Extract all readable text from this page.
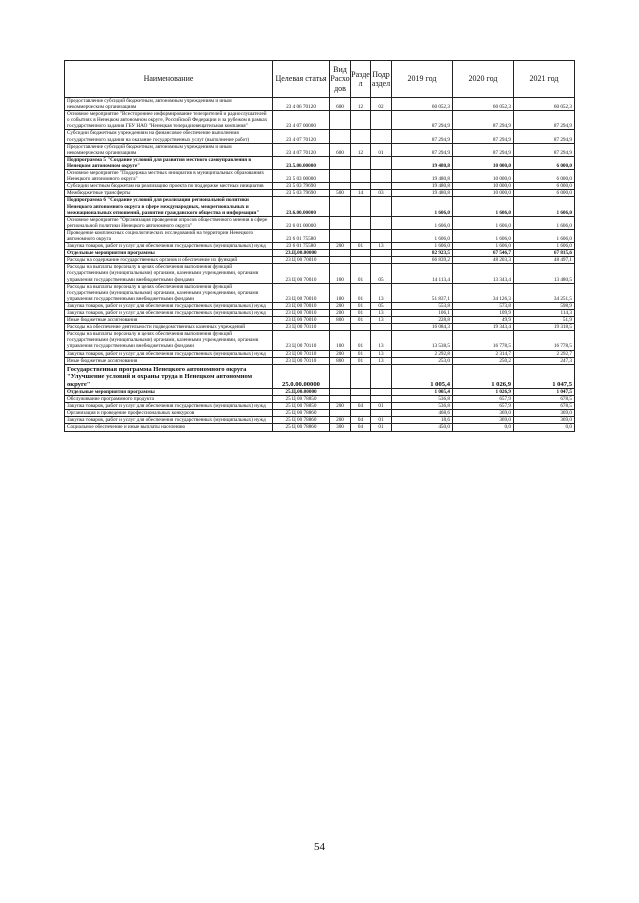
Наименование	Целевая статья	Вид Расхо дов	Разде л	Подр аздел	2019 год	2020 год	2021 год
Предоставление субсидий бюджетным, автономным учреждениям и иным некоммерческим организациям	23 4 06 70120	600	12	02	60 052,3	60 052,3	60 052,3
Основное мероприятие "Всестороннее информирование телезрителей и радиослушателей о событиях в Ненецком автономном округе, Российской Федерации и за рубежом в рамках государственного задания ГБУ НАО "Ненецкая телерадиовещательная компания"	23 4 07 00000				87 294,9	87 294,9	87 294,9
Субсидии бюджетным учреждениям на финансовое обеспечение выполнения государственного задания на оказание государственных услуг (выполнение работ)	23 4 07 70120				87 294,9	87 294,9	87 294,9
Предоставление субсидий бюджетным, автономным учреждениям и иным некоммерческим организациям	23 4 07 70120	600	12	01	87 294,9	87 294,9	87 294,9
Подпрограмма 5 "Создание условий для развития местного самоуправления в Ненецком автономном округе"	23.5.00.00000				19 480,8	10 000,0	6 000,0
Основное мероприятие "Поддержка местных инициатив в муниципальных образованиях Ненецкого автономного округа"	23 5 03 00000				19 480,8	10 000,0	6 000,0
Субсидии местным бюджетам на реализацию проекта по поддержке местных инициатив	23 5 03 79690				19 480,8	10 000,0	6 000,0
Межбюджетные трансферты	23 5 03 79690	500	14	03	19 480,8	10 000,0	6 000,0
Подпрограмма 6 "Создание условий для реализации региональной политики Ненецкого автономного округа в сфере международных, межрегиональных и межнациональных отношений, развития гражданского общества и информации"	23.6.00.00000				1 606,0	1 606,0	1 606,0
Основное мероприятие "Организация проведения опросов общественного мнения в сфере региональной политики Ненецкого автономного округа"	23 6 01 00000				1 606,0	1 606,0	1 606,0
Проведение комплексных социологических исследований на территории Ненецкого автономного округа	23 6 01 75580				1 606,0	1 606,0	1 606,0
Закупка товаров, работ и услуг для обеспечения государственных (муниципальных) нужд	23 6 01 75580	200	01	13	1 606,0	1 606,0	1 606,0
Отдельные мероприятия программы	23.Ц.00.00000				82 923,5	67 546,7	67 815,6
Расходы на содержание государственных органов и обеспечение их функций	23 Ц 00 70010				66 839,2	48 203,3	48 497,1
Расходы на выплаты персоналу в целях обеспечения выполнения функций государственными (муниципальными) органами, казенными учреждениями, органами управления государственными внебюджетными фондами	23 Ц 00 70010	100	01	05	14 113,4	13 343,4	13 480,5
Расходы на выплаты персоналу в целях обеспечения выполнения функций государственными (муниципальными) органами, казенными учреждениями, органами управления государственными внебюджетными фондами	23 Ц 00 70010	100	01	13	51 837,1	34 126,3	34 251,5
Закупка товаров, работ и услуг для обеспечения государственных (муниципальных) нужд	23 Ц 00 70010	200	01	05	553,8	573,8	598,9
Закупка товаров, работ и услуг для обеспечения государственных (муниципальных) нужд	23 Ц 00 70010	200	01	13	106,1	109,9	114,3
Иные бюджетные ассигнования	23 Ц 00 70010	800	01	13	228,8	49,9	51,9
Расходы на обеспечение деятельности подведомственных казенных учреждений	23 Ц 00 70110				16 084,3	19 343,4	19 318,5
Расходы на выплаты персоналу в целях обеспечения выполнения функций государственными (муниципальными) органами, казенными учреждениями, органами управления государственными внебюджетными фондами	23 Ц 00 70110	100	01	13	13 538,5	16 778,5	16 778,5
Закупка товаров, работ и услуг для обеспечения государственных (муниципальных) нужд	23 Ц 00 70110	200	01	13	2 292,8	2 314,7	2 292,7
Иные бюджетные ассигнования	23 Ц 00 70110	800	01	13	253,0	250,2	247,3
Государственная программа Ненецкого автономного округа "Улучшение условий и охраны труда в Ненецком автономном округе"	25.0.00.00000				1 005,4	1 026,9	1 047,5
Отдельные мероприятия программы	25.Ц.00.00000				1 005,4	1 026,9	1 047,5
Обслуживание программного продукта	25 Ц 00 78850				536,8	657,9	678,5
Закупка товаров, работ и услуг для обеспечения государственных (муниципальных) нужд	25 Ц 00 78850	200	04	01	536,8	657,9	678,5
Организация и проведение профессиональных конкурсов	25 Ц 00 78860				468,6	369,0	369,0
Закупка товаров, работ и услуг для обеспечения государственных (муниципальных) нужд	25 Ц 00 78860	200	04	01	18,6	369,0	369,0
Социальное обеспечение и иные выплаты населению	25 Ц 00 78860	300	04	01	450,0	0,0	0,0
54
